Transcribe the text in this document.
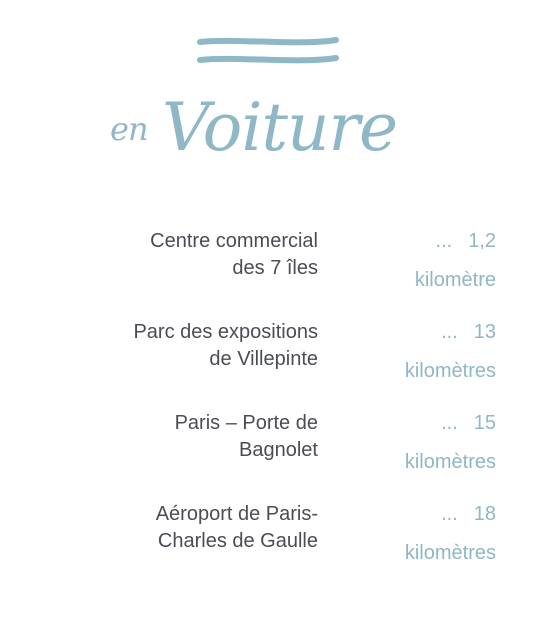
en Voiture
Centre commercial
des 7 îles
... 1,2
kilomètre
Parc des expositions
de Villepinte
... 13
kilomètres
Paris – Porte de
Bagnolet
... 15
kilomètres
Aéroport de Paris-
Charles de Gaulle
... 18
kilomètres
